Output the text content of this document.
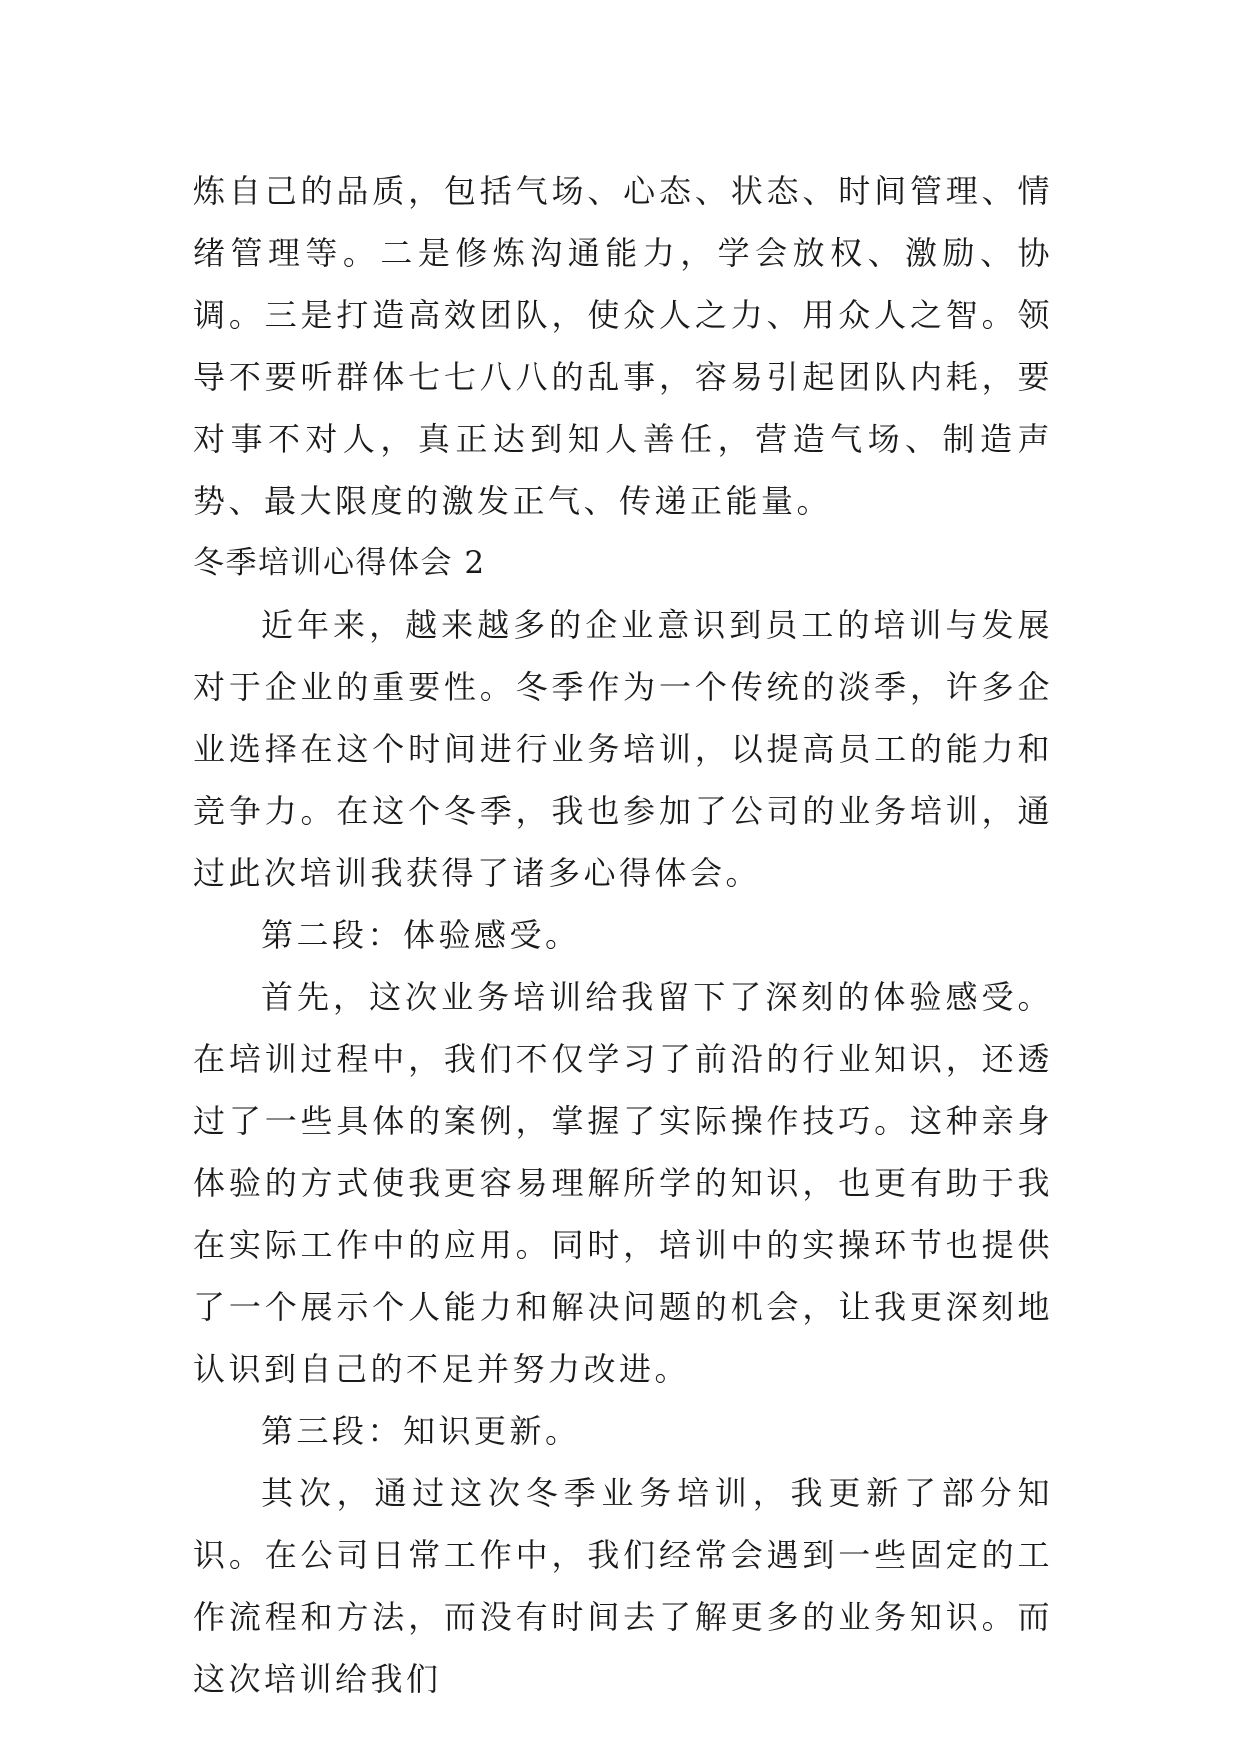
炼自己的品质，包括气场、心态、状态、时间管理、情绪管理等。二是修炼沟通能力，学会放权、激励、协调。三是打造高效团队，使众人之力、用众人之智。领导不要听群体七七八八的乱事，容易引起团队内耗，要对事不对人，真正达到知人善任，营造气场、制造声势、最大限度的激发正气、传递正能量。

冬季培训心得体会 2

近年来，越来越多的企业意识到员工的培训与发展对于企业的重要性。冬季作为一个传统的淡季，许多企业选择在这个时间进行业务培训，以提高员工的能力和竞争力。在这个冬季，我也参加了公司的业务培训，通过此次培训我获得了诸多心得体会。

第二段：体验感受。

首先，这次业务培训给我留下了深刻的体验感受。在培训过程中，我们不仅学习了前沿的行业知识，还透过了一些具体的案例，掌握了实际操作技巧。这种亲身体验的方式使我更容易理解所学的知识，也更有助于我在实际工作中的应用。同时，培训中的实操环节也提供了一个展示个人能力和解决问题的机会，让我更深刻地认识到自己的不足并努力改进。

第三段：知识更新。

其次，通过这次冬季业务培训，我更新了部分知识。在公司日常工作中，我们经常会遇到一些固定的工作流程和方法，而没有时间去了解更多的业务知识。而这次培训给我们
